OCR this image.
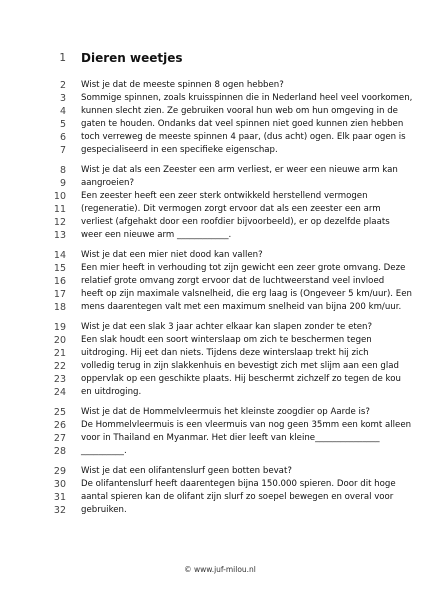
1 Dieren weetjes
2 Wist je dat de meeste spinnen 8 ogen hebben?
3 Sommige spinnen, zoals kruisspinnen die in Nederland heel veel voorkomen,
4 kunnen slecht zien. Ze gebruiken vooral hun web om hun omgeving in de
5 gaten te houden. Ondanks dat veel spinnen niet goed kunnen zien hebben
6 toch verreweg de meeste spinnen 4 paar, (dus acht) ogen. Elk paar ogen is
7 gespecialiseerd in een specifieke eigenschap.
8 Wist je dat als een Zeester een arm verliest, er weer een nieuwe arm kan
9 aangroeien?
10 Een zeester heeft een zeer sterk ontwikkeld herstellend vermogen
11 (regeneratie). Dit vermogen zorgt ervoor dat als een zeester een arm
12 verliest (afgehakt door een roofdier bijvoorbeeld), er op dezelfde plaats
13 weer een nieuwe arm ____________.
14 Wist je dat een mier niet dood kan vallen?
15 Een mier heeft in verhouding tot zijn gewicht een zeer grote omvang. Deze
16 relatief grote omvang zorgt ervoor dat de luchtweerstand veel invloed
17 heeft op zijn maximale valsnelheid, die erg laag is (Ongeveer 5 km/uur). Een
18 mens daarentegen valt met een maximum snelheid van bijna 200 km/uur.
19 Wist je dat een slak 3 jaar achter elkaar kan slapen zonder te eten?
20 Een slak houdt een soort winterslaap om zich te beschermen tegen
21 uitdroging. Hij eet dan niets. Tijdens deze winterslaap trekt hij zich
22 volledig terug in zijn slakkenhuis en bevestigt zich met slijm aan een glad
23 oppervlak op een geschikte plaats. Hij beschermt zichzelf zo tegen de kou
24 en uitdroging.
25 Wist je dat de Hommelvleermuis het kleinste zoogdier op Aarde is?
26 De Hommelvleermuis is een vleermuis van nog geen 35mm een komt alleen
27 voor in Thailand en Myanmar. Het dier leeft van kleine_______________
28 __________.
29 Wist je dat een olifantenslurf geen botten bevat?
30 De olifantenslurf heeft daarentegen bijna 150.000 spieren. Door dit hoge
31 aantal spieren kan de olifant zijn slurf zo soepel bewegen en overal voor
32 gebruiken.
© www.juf-milou.nl
